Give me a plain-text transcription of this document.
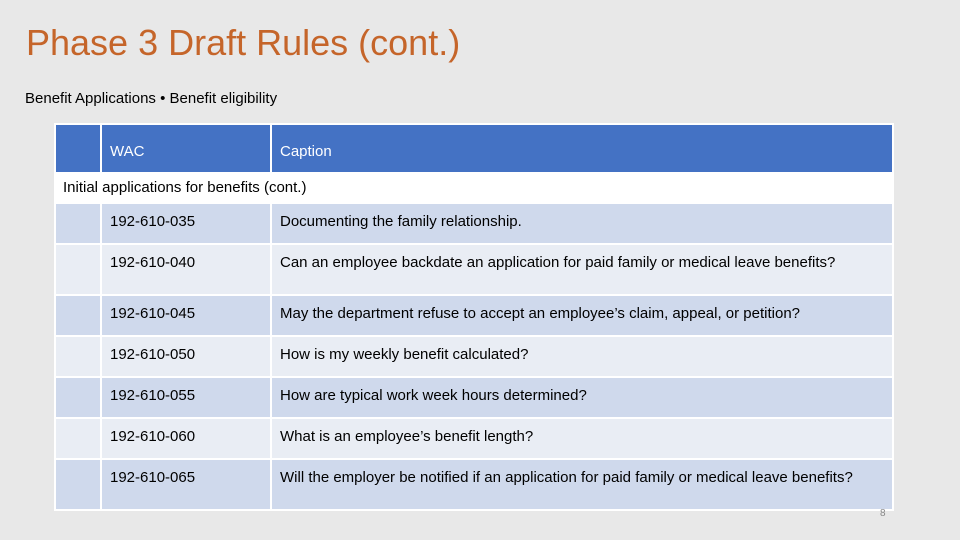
Phase 3 Draft Rules (cont.)
Benefit Applications • Benefit eligibility
	WAC	Caption
Initial applications for benefits (cont.)		
	192-610-035	Documenting the family relationship.
	192-610-040	Can an employee backdate an application for paid family or medical leave benefits?
	192-610-045	May the department refuse to accept an employee’s claim, appeal, or petition?
	192-610-050	How is my weekly benefit calculated?
	192-610-055	How are typical work week hours determined?
	192-610-060	What is an employee’s benefit length?
	192-610-065	Will the employer be notified if an application for paid family or medical leave benefits?
8
